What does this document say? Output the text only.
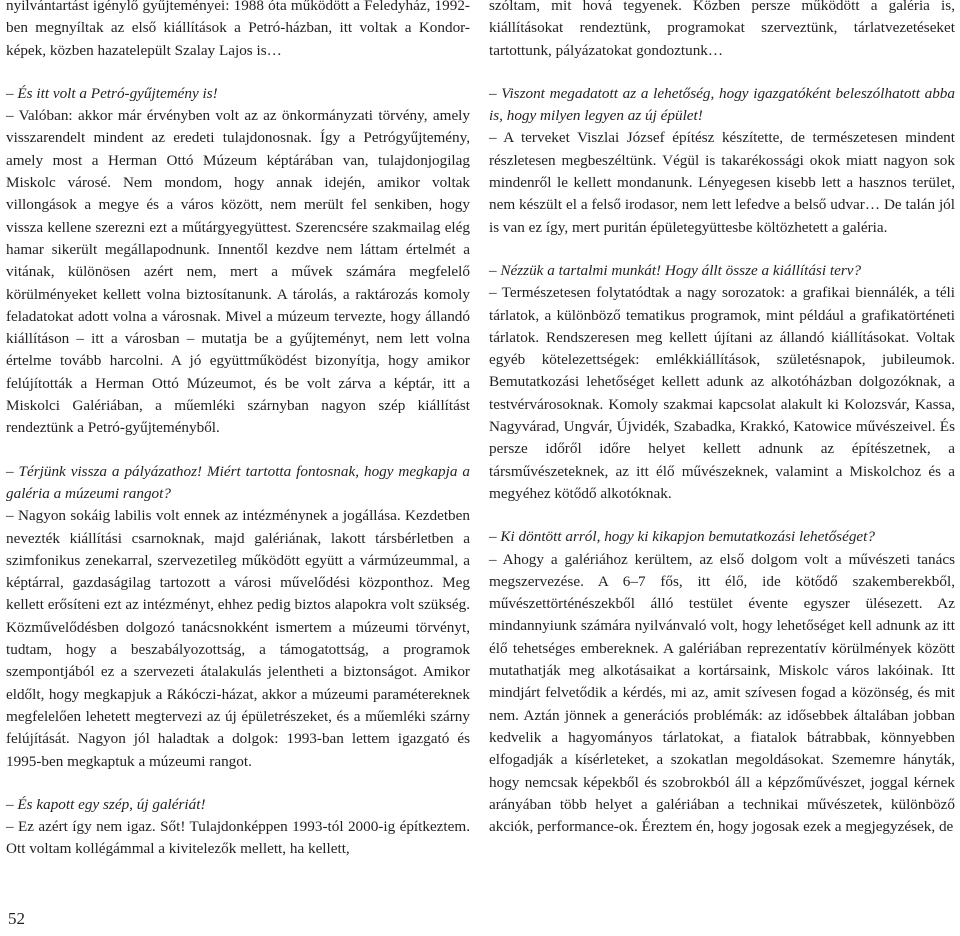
nyilvántartást igénylő gyűjteményei: 1988 óta működött a Feledyház, 1992-ben megnyíltak az első kiállítások a Petró-házban, itt voltak a Kondor-képek, közben hazatelepült Szalay Lajos is…

– És itt volt a Petró-gyűjtemény is!

– Valóban: akkor már érvényben volt az az önkormányzati törvény, amely visszarendelt mindent az eredeti tulajdonosnak. Így a Petrógyűjtemény, amely most a Herman Ottó Múzeum képtárában van, tulajdonjogilag Miskolc városé. Nem mondom, hogy annak idején, amikor voltak villongások a megye és a város között, nem merült fel senkiben, hogy vissza kellene szerezni ezt a műtárgyegyüttest. Szerencsére szakmailag elég hamar sikerült megállapodnunk. Innentől kezdve nem láttam értelmét a vitának, különösen azért nem, mert a művek számára megfelelő körülményeket kellett volna biztosítanunk. A tárolás, a raktározás komoly feladatokat adott volna a városnak. Mivel a múzeum tervezte, hogy állandó kiállításon – itt a városban – mutatja be a gyűjteményt, nem lett volna értelme tovább harcolni. A jó együttműködést bizonyítja, hogy amikor felújították a Herman Ottó Múzeumot, és be volt zárva a képtár, itt a Miskolci Galériában, a műemléki szárnyban nagyon szép kiállítást rendeztünk a Petró-gyűjteményből.

– Térjünk vissza a pályázathoz! Miért tartotta fontosnak, hogy megkapja a galéria a múzeumi rangot?

– Nagyon sokáig labilis volt ennek az intézménynek a jogállása. Kezdetben nevezték kiállítási csarnoknak, majd galériának, lakott társbérletben a szimfonikus zenekarral, szervezetileg működött együtt a vármúzeummal, a képtárral, gazdaságilag tartozott a városi művelődési központhoz. Meg kellett erősíteni ezt az intézményt, ehhez pedig biztos alapokra volt szükség. Közművelődésben dolgozó tanácsnokként ismertem a múzeumi törvényt, tudtam, hogy a beszabályozottság, a támogatottság, a programok szempontjából ez a szervezeti átalakulás jelentheti a biztonságot. Amikor eldőlt, hogy megkapjuk a Rákóczi-házat, akkor a múzeumi paramétereknek megfelelően lehetett megtervezi az új épületrészeket, és a műemléki szárny felújítását. Nagyon jól haladtak a dolgok: 1993-ban lettem igazgató és 1995-ben megkaptuk a múzeumi rangot.

– És kapott egy szép, új galériát!

– Ez azért így nem igaz. Sőt! Tulajdonképpen 1993-tól 2000-ig építkeztem. Ott voltam kollégámmal a kivitelezők mellett, ha kellett,

szóltam, mit hová tegyenek. Közben persze működött a galéria is, kiállításokat rendeztünk, programokat szerveztünk, tárlatvezetéseket tartottunk, pályázatokat gondoztunk…

– Viszont megadatott az a lehetőség, hogy igazgatóként beleszólhatott abba is, hogy milyen legyen az új épület!

– A terveket Viszlai József építész készítette, de természetesen mindent részletesen megbeszéltünk. Végül is takarékossági okok miatt nagyon sok mindenről le kellett mondanunk. Lényegesen kisebb lett a hasznos terület, nem készült el a felső irodasor, nem lett lefedve a belső udvar… De talán jól is van ez így, mert puritán épületegyüttesbe költözhetett a galéria.

– Nézzük a tartalmi munkát! Hogy állt össze a kiállítási terv?

– Természetesen folytatódtak a nagy sorozatok: a grafikai biennálék, a téli tárlatok, a különböző tematikus programok, mint például a grafikatörténeti tárlatok. Rendszeresen meg kellett újítani az állandó kiállításokat. Voltak egyéb kötelezettségek: emlékkiállítások, születésnapok, jubileumok. Bemutatkozási lehetőséget kellett adunk az alkotóházban dolgozóknak, a testvérvárosoknak. Komoly szakmai kapcsolat alakult ki Kolozsvár, Kassa, Nagyvárad, Ungvár, Újvidék, Szabadka, Krakkó, Katowice művészeivel. És persze időről időre helyet kellett adnunk az építészetnek, a társművészeteknek, az itt élő művészeknek, valamint a Miskolchoz és a megyéhez kötődő alkotóknak.

– Ki döntött arról, hogy ki kikapjon bemutatkozási lehetőséget?

– Ahogy a galériához kerültem, az első dolgom volt a művészeti tanács megszervezése. A 6–7 fős, itt élő, ide kötődő szakemberekből, művészettörténészekből álló testület évente egyszer ülésezett. Az mindannyiunk számára nyilvánvaló volt, hogy lehetőséget kell adnunk az itt élő tehetséges embereknek. A galériában reprezentatív körülmények között mutathatják meg alkotásaikat a kortársaink, Miskolc város lakóinak. Itt mindjárt felvetődik a kérdés, mi az, amit szívesen fogad a közönség, és mit nem. Aztán jönnek a generációs problémák: az idősebbek általában jobban kedvelik a hagyományos tárlatokat, a fiatalok bátrabbak, könnyebben elfogadják a kísérleteket, a szokatlan megoldásokat. Szememre hányták, hogy nemcsak képekből és szobrokból áll a képzőművészet, joggal kérnek arányában több helyet a galériában a technikai művészetek, különböző akciók, performance-ok. Éreztem én, hogy jogosak ezek a megjegyzések, de

52
